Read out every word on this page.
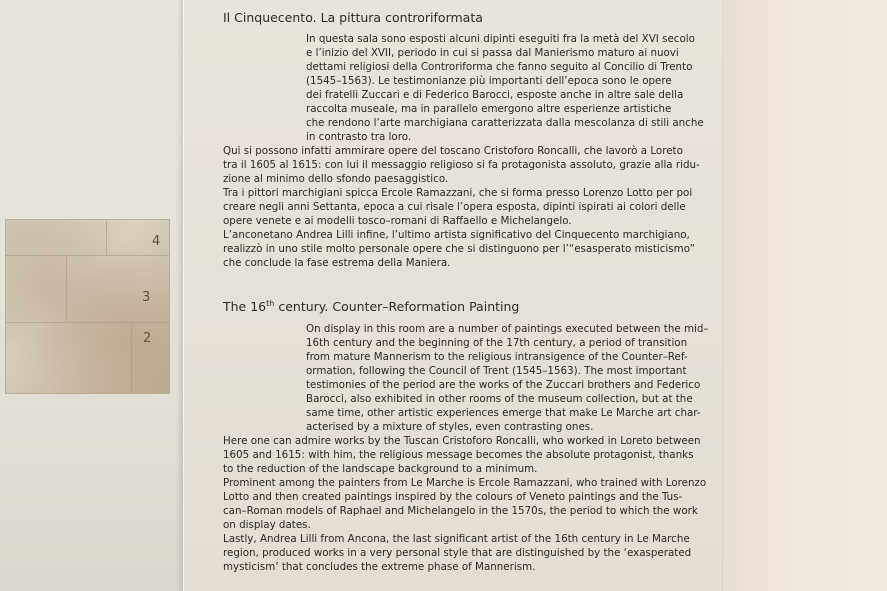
4
3
2
Il Cinquecento. La pittura controriformata

In questa sala sono esposti alcuni dipinti eseguiti fra la metà del XVI secolo

e l’inizio del XVII, periodo in cui si passa dal Manierismo maturo ai nuovi

dettami religiosi della Controriforma che fanno seguito al Concilio di Trento

(1545–1563). Le testimonianze più importanti dell’epoca sono le opere

dei fratelli Zuccari e di Federico Barocci, esposte anche in altre sale della

raccolta museale, ma in parallelo emergono altre esperienze artistiche

che rendono l’arte marchigiana caratterizzata dalla mescolanza di stili anche

in contrasto tra loro.

Qui si possono infatti ammirare opere del toscano Cristoforo Roncalli, che lavorò a Loreto

tra il 1605 al 1615: con lui il messaggio religioso si fa protagonista assoluto, grazie alla ridu-

zione al minimo dello sfondo paesaggistico.

Tra i pittori marchigiani spicca Ercole Ramazzani, che si forma presso Lorenzo Lotto per poi

creare negli anni Settanta, epoca a cui risale l’opera esposta, dipinti ispirati ai colori delle

opere venete e ai modelli tosco–romani di Raffaello e Michelangelo.

L’anconetano Andrea Lilli infine, l’ultimo artista significativo del Cinquecento marchigiano,

realizzò in uno stile molto personale opere che si distinguono per l’“esasperato misticismo”

che conclude la fase estrema della Maniera.

The 16th century. Counter–Reformation Painting

On display in this room are a number of paintings executed between the mid–

16th century and the beginning of the 17th century, a period of transition

from mature Mannerism to the religious intransigence of the Counter–Ref-

ormation, following the Council of Trent (1545–1563). The most important

testimonies of the period are the works of the Zuccari brothers and Federico

Barocci, also exhibited in other rooms of the museum collection, but at the

same time, other artistic experiences emerge that make Le Marche art char-

acterised by a mixture of styles, even contrasting ones.

Here one can admire works by the Tuscan Cristoforo Roncalli, who worked in Loreto between

1605 and 1615: with him, the religious message becomes the absolute protagonist, thanks

to the reduction of the landscape background to a minimum.

Prominent among the painters from Le Marche is Ercole Ramazzani, who trained with Lorenzo

Lotto and then created paintings inspired by the colours of Veneto paintings and the Tus-

can–Roman models of Raphael and Michelangelo in the 1570s, the period to which the work

on display dates.

Lastly, Andrea Lilli from Ancona, the last significant artist of the 16th century in Le Marche

region, produced works in a very personal style that are distinguished by the ‘exasperated

mysticism’ that concludes the extreme phase of Mannerism.
